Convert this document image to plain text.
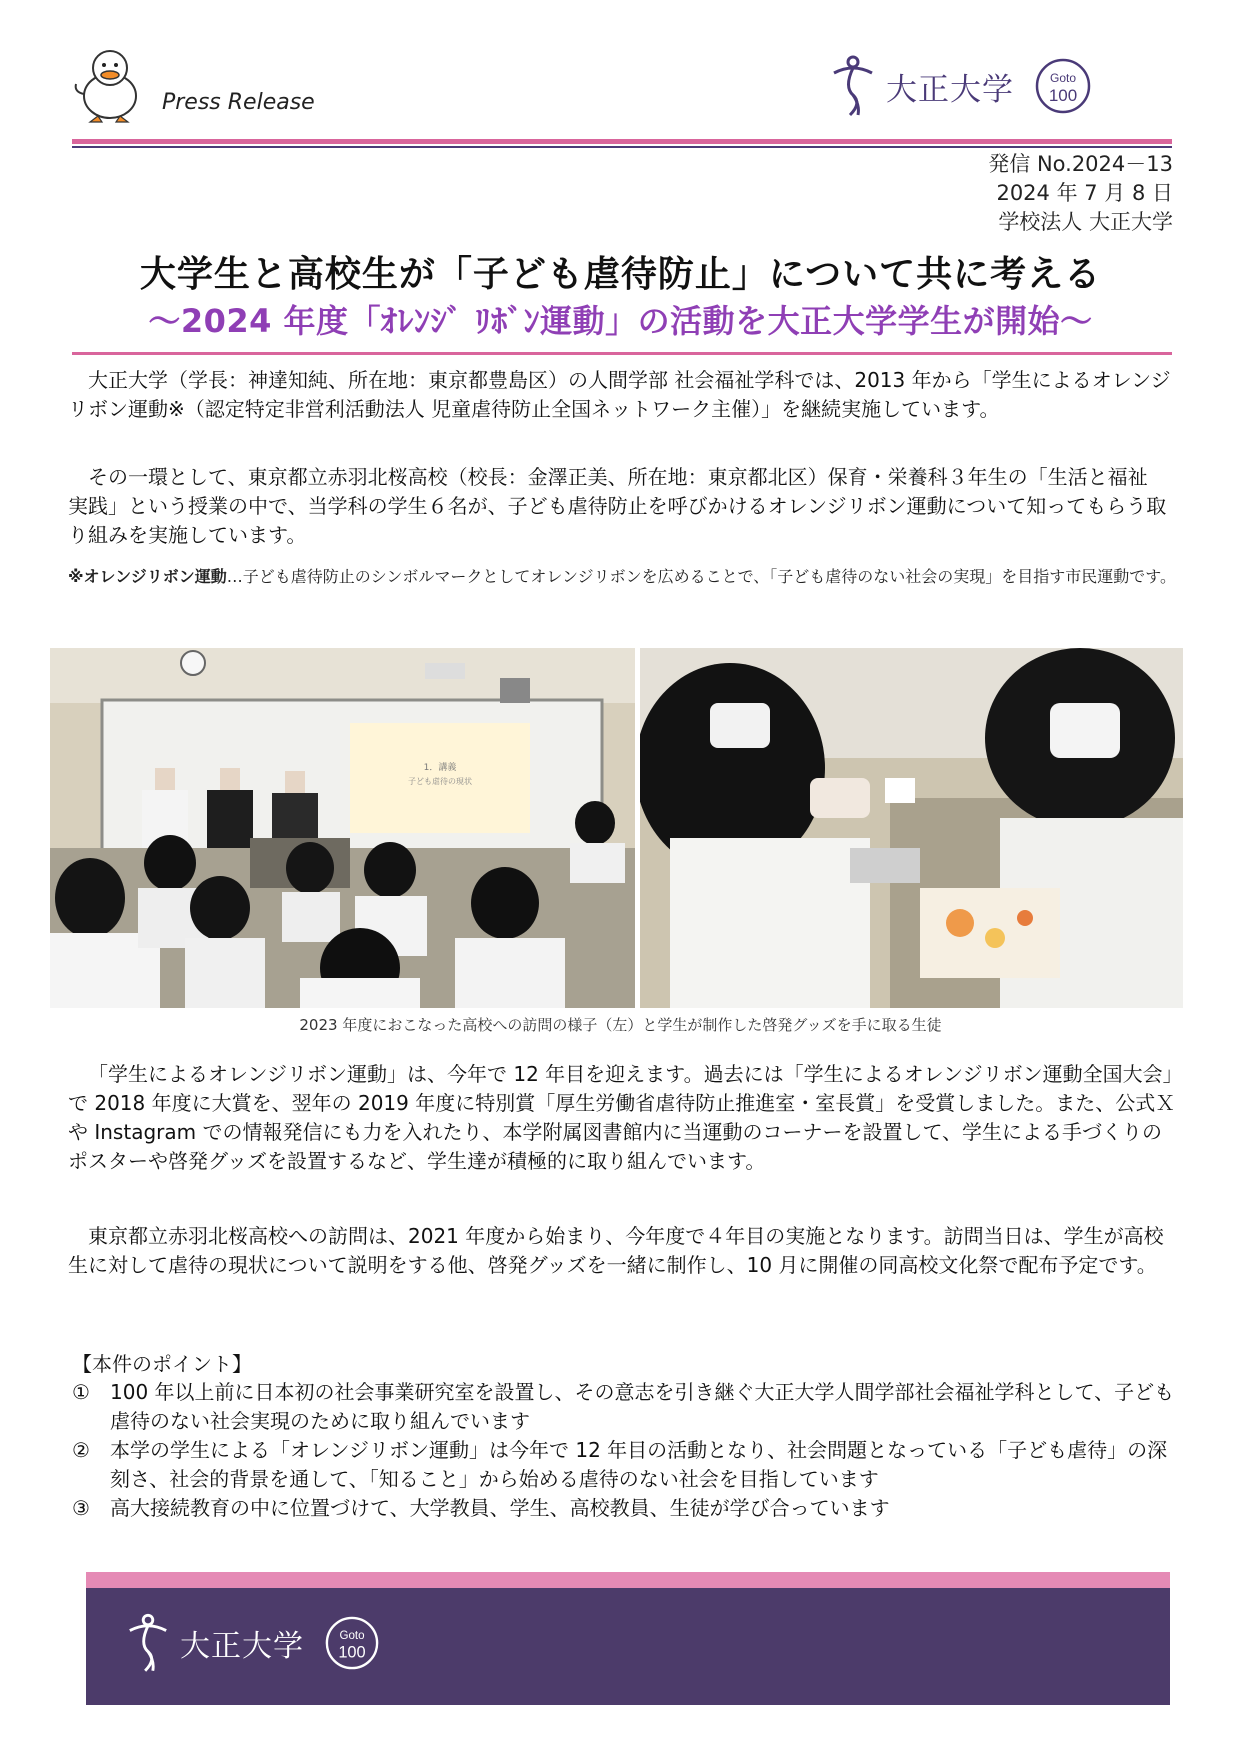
Press Release	大正大学	Goto
100
発信 No.2024－13
2024 年 7 月 8 日
学校法人 大正大学
大学生と高校生が「子ども虐待防止」について共に考える
～2024 年度「ｵﾚﾝｼﾞ ﾘﾎﾞﾝ運動」の活動を大正大学学生が開始～

大正大学（学長：神達知純、所在地：東京都豊島区）の人間学部 社会福祉学科では、2013 年から「学生によるオレンジリボン運動※（認定特定非営利活動法人 児童虐待防止全国ネットワーク主催）」を継続実施しています。

その一環として、東京都立赤羽北桜高校（校長：金澤正美、所在地：東京都北区）保育・栄養科３年生の「生活と福祉　実践」という授業の中で、当学科の学生６名が、子ども虐待防止を呼びかけるオレンジリボン運動について知ってもらう取り組みを実施しています。

※オレンジリボン運動…子ども虐待防止のシンボルマークとしてオレンジリボンを広めることで、「子ども虐待のない社会の実現」を目指す市民運動です。
1．講義
子ども虐待の現状
2023 年度におこなった高校への訪問の様子（左）と学生が制作した啓発グッズを手に取る生徒

「学生によるオレンジリボン運動」は、今年で 12 年目を迎えます。過去には「学生によるオレンジリボン運動全国大会」で 2018 年度に大賞を、翌年の 2019 年度に特別賞「厚生労働省虐待防止推進室・室長賞」を受賞しました。また、公式Ｘや Instagram での情報発信にも力を入れたり、本学附属図書館内に当運動のコーナーを設置して、学生による手づくりのポスターや啓発グッズを設置するなど、学生達が積極的に取り組んでいます。

東京都立赤羽北桜高校への訪問は、2021 年度から始まり、今年度で４年目の実施となります。訪問当日は、学生が高校生に対して虐待の現状について説明をする他、啓発グッズを一緒に制作し、10 月に開催の同高校文化祭で配布予定です。

【本件のポイント】
①	100 年以上前に日本初の社会事業研究室を設置し、その意志を引き継ぐ大正大学人間学部社会福祉学科として、子ども虐待のない社会実現のために取り組んでいます
②	本学の学生による「オレンジリボン運動」は今年で 12 年目の活動となり、社会問題となっている「子ども虐待」の深刻さ、社会的背景を通して、「知ること」から始める虐待のない社会を目指しています
③	高大接続教育の中に位置づけて、大学教員、学生、高校教員、生徒が学び合っています
大正大学	Goto
100
